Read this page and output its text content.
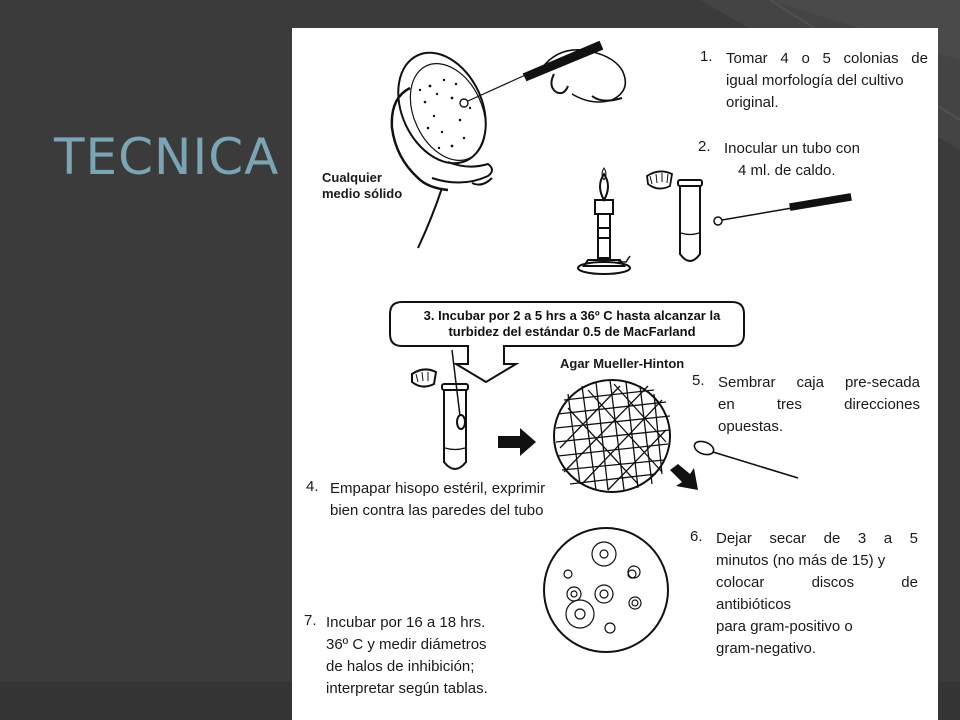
TECNICA	Cualquier
medio sólido
1. Tomar 4 o 5 colonias de
igual morfología del cultivo
original.
2. Inocular un tubo con
4 ml. de caldo.
3. Incubar por 2 a 5 hrs a 36º C hasta alcanzar la
turbidez del estándar 0.5 de MacFarland
Agar Mueller-Hinton
5. Sembrar caja pre-secada
en	tres	direcciones
opuestas.
4. Empapar hisopo estéril, exprimir
bien contra las paredes del tubo
6. Dejar secar de 3 a 5
minutos (no más de 15) y
colocar	discos	de
antibióticos
para gram-positivo o
gram-negativo.
7. Incubar por 16 a 18 hrs.
36º C y medir diámetros
de halos de inhibición;
interpretar según tablas.
